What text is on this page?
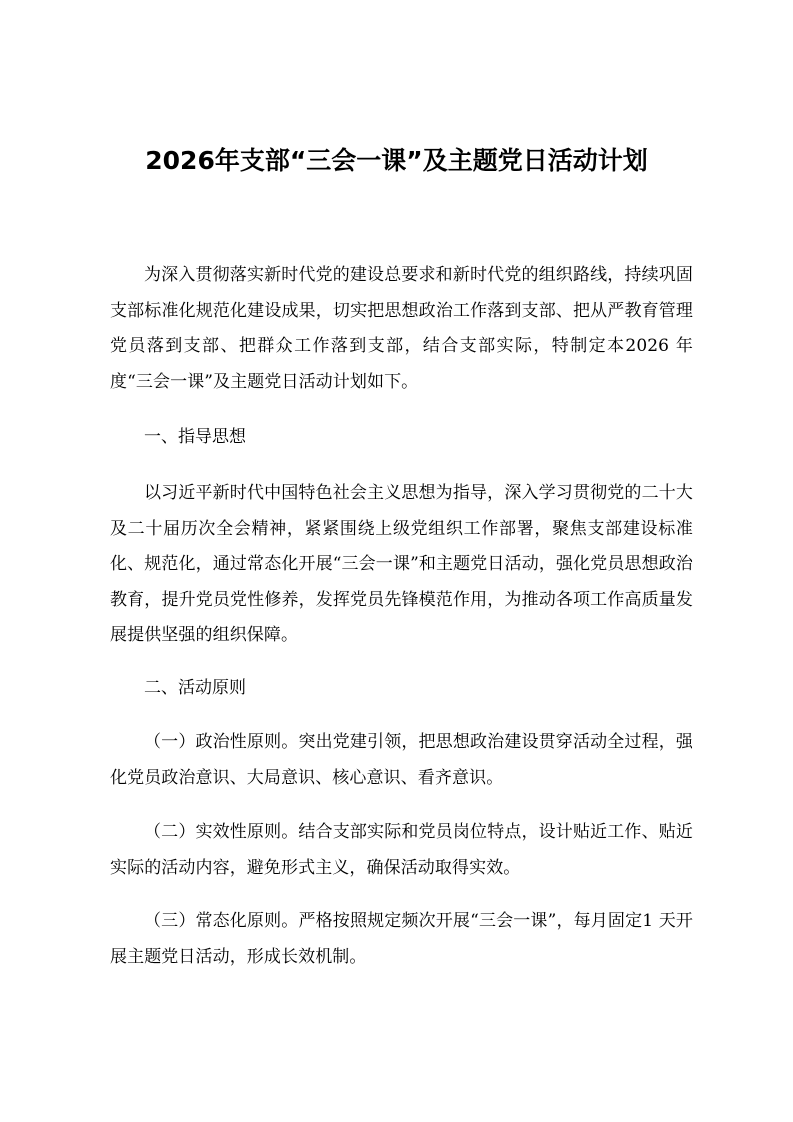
2026年支部“三会一课”及主题党日活动计划

为深入贯彻落实新时代党的建设总要求和新时代党的组织路线，持续巩固支部标准化规范化建设成果，切实把思想政治工作落到支部、把从严教育管理党员落到支部、把群众工作落到支部，结合支部实际，特制定本2026 年度“三会一课”及主题党日活动计划如下。

一、指导思想

以习近平新时代中国特色社会主义思想为指导，深入学习贯彻党的二十大及二十届历次全会精神，紧紧围绕上级党组织工作部署，聚焦支部建设标准化、规范化，通过常态化开展“三会一课”和主题党日活动，强化党员思想政治教育，提升党员党性修养，发挥党员先锋模范作用，为推动各项工作高质量发展提供坚强的组织保障。

二、活动原则

（一）政治性原则。突出党建引领，把思想政治建设贯穿活动全过程，强化党员政治意识、大局意识、核心意识、看齐意识。

（二）实效性原则。结合支部实际和党员岗位特点，设计贴近工作、贴近实际的活动内容，避免形式主义，确保活动取得实效。

（三）常态化原则。严格按照规定频次开展“三会一课”，每月固定1 天开展主题党日活动，形成长效机制。
